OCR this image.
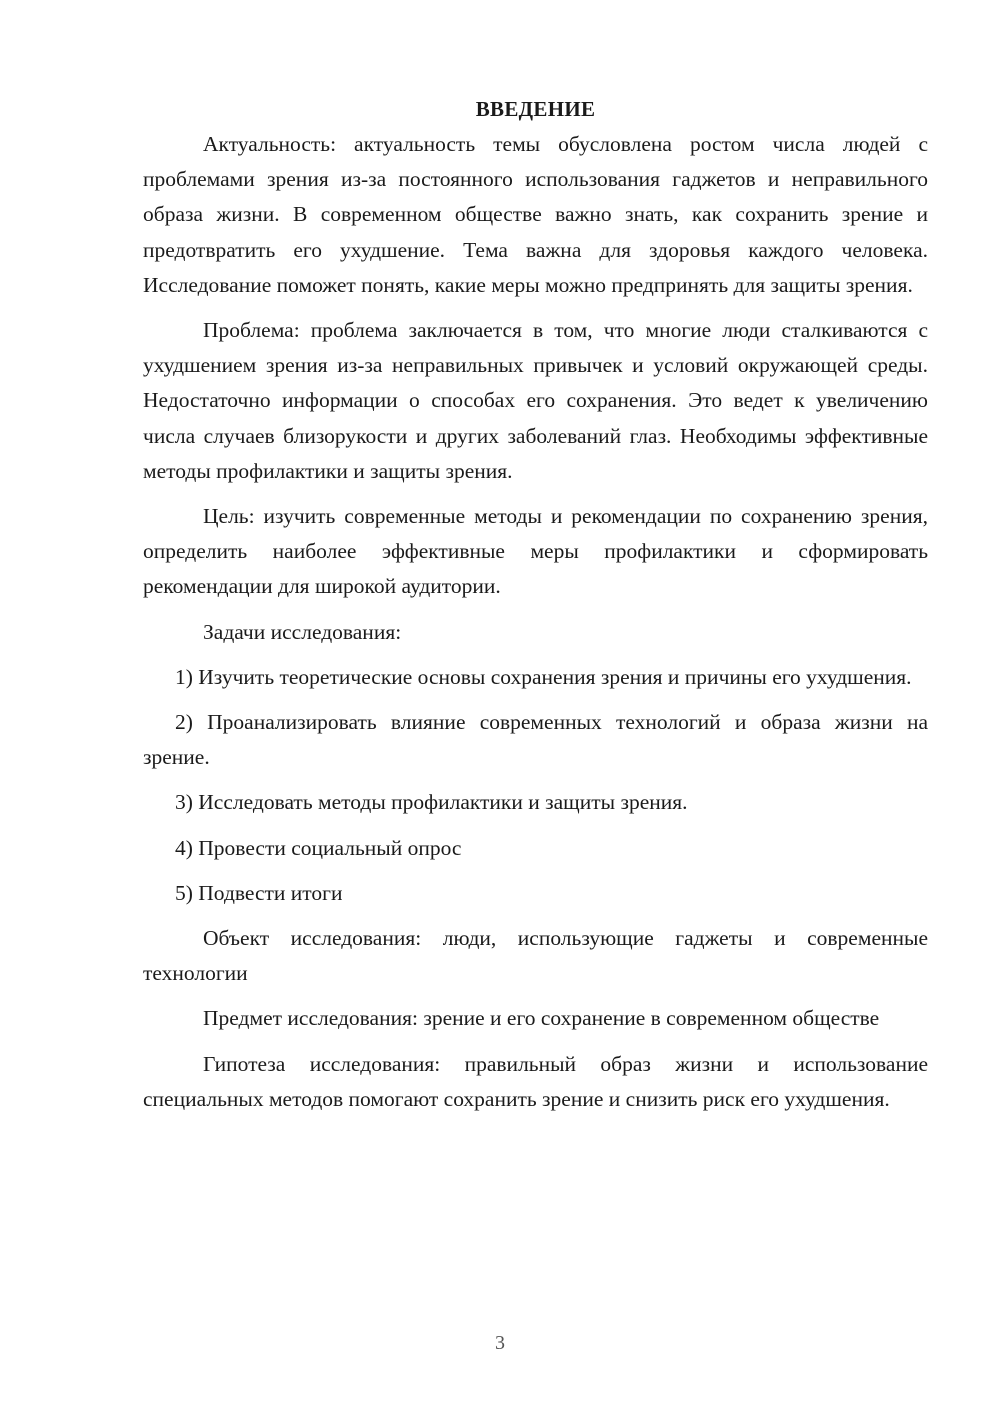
ВВЕДЕНИЕ

Актуальность: актуальность темы обусловлена ростом числа людей с проблемами зрения из-за постоянного использования гаджетов и неправильного образа жизни. В современном обществе важно знать, как сохранить зрение и предотвратить его ухудшение. Тема важна для здоровья каждого человека. Исследование поможет понять, какие меры можно предпринять для защиты зрения.

Проблема: проблема заключается в том, что многие люди сталкиваются с ухудшением зрения из-за неправильных привычек и условий окружающей среды. Недостаточно информации о способах его сохранения. Это ведет к увеличению числа случаев близорукости и других заболеваний глаз. Необходимы эффективные методы профилактики и защиты зрения.

Цель: изучить современные методы и рекомендации по сохранению зрения, определить наиболее эффективные меры профилактики и сформировать рекомендации для широкой аудитории.

Задачи исследования:

1) Изучить теоретические основы сохранения зрения и причины его ухудшения.

2) Проанализировать влияние современных технологий и образа жизни на зрение.

3) Исследовать методы профилактики и защиты зрения.

4) Провести социальный опрос

5) Подвести итоги

Объект исследования: люди, использующие гаджеты и современные технологии

Предмет исследования: зрение и его сохранение в современном обществе

Гипотеза исследования: правильный образ жизни и использование специальных методов помогают сохранить зрение и снизить риск его ухудшения.

3
